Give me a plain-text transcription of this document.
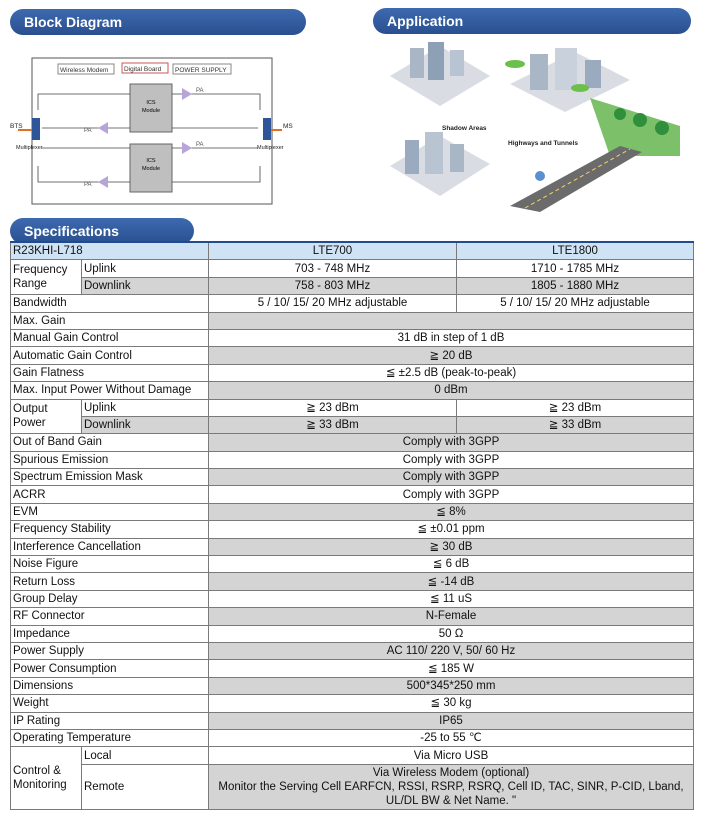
Block Diagram	Application
Wireless Modem Digital Board POWER SUPPLY
ICS
Module
ICS
Module
PA
PA
PA
PA
BTS	MS
Multiplexer	Multiplexer
Shadow Areas
Highways and Tunnels
Specifications
R23KHI-L718		LTE700	LTE1800
Frequency Range	Uplink	703 - 748 MHz	1710 - 1785 MHz
	Downlink	758 - 803 MHz	1805 - 1880 MHz
Bandwidth		5 / 10/ 15/ 20 MHz adjustable	5 / 10/ 15/ 20 MHz adjustable
Max. Gain			
Manual Gain Control		31 dB in step of 1 dB	
Automatic Gain Control		≧ 20 dB	
Gain Flatness		≦ ±2.5 dB (peak-to-peak)	
Max. Input Power Without Damage		0 dBm	
Output Power	Uplink	≧ 23 dBm	≧ 23 dBm
	Downlink	≧ 33 dBm	≧ 33 dBm
Out of Band Gain		Comply with 3GPP	
Spurious Emission		Comply with 3GPP	
Spectrum Emission Mask		Comply with 3GPP	
ACRR		Comply with 3GPP	
EVM		≦ 8%	
Frequency Stability		≦ ±0.01 ppm	
Interference Cancellation		≧ 30 dB	
Noise Figure		≦ 6 dB	
Return Loss		≦ -14 dB	
Group Delay		≦ 11 uS	
RF Connector		N-Female	
Impedance		50 Ω	
Power Supply		AC 110/ 220 V, 50/ 60 Hz	
Power Consumption		≦ 185 W	
Dimensions		500*345*250 mm	
Weight		≦ 30 kg	
IP Rating		IP65	
Operating Temperature		-25 to 55 ℃	
Control & Monitoring	Local	Via Micro USB	
	Remote	Via Wireless Modem (optional)
Monitor the Serving Cell EARFCN, RSSI, RSRP, RSRQ, Cell ID, TAC, SINR, P-CID, Lband,
UL/DL BW & Net Name. "	
